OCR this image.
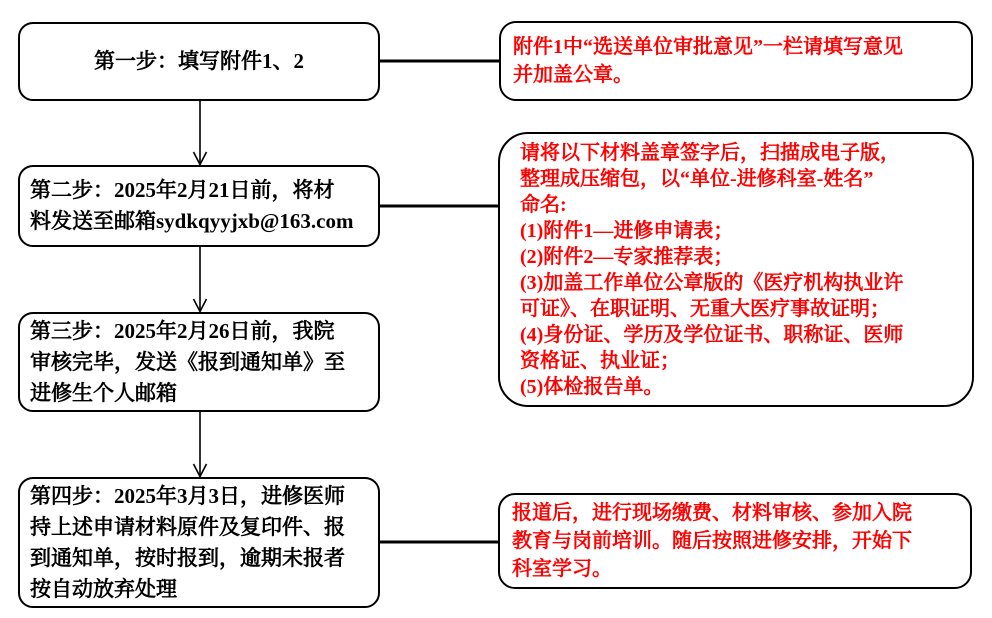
第一步：填写附件1、2
第二步：2025年2月21日前，将材
料发送至邮箱sydkqyyjxb@163.com
第三步：2025年2月26日前，我院
审核完毕，发送《报到通知单》至
进修生个人邮箱
第四步：2025年3月3日，进修医师
持上述申请材料原件及复印件、报
到通知单，按时报到，逾期未报者
按自动放弃处理
附件1中“选送单位审批意见”一栏请填写意见
并加盖公章。
请将以下材料盖章签字后，扫描成电子版，
整理成压缩包，以“单位-进修科室-姓名”
命名:
(1)附件1—进修申请表；
(2)附件2—专家推荐表；
(3)加盖工作单位公章版的《医疗机构执业许
可证》、在职证明、无重大医疗事故证明；
(4)身份证、学历及学位证书、职称证、医师
资格证、执业证；
(5)体检报告单。
报道后，进行现场缴费、材料审核、参加入院
教育与岗前培训。随后按照进修安排，开始下
科室学习。
